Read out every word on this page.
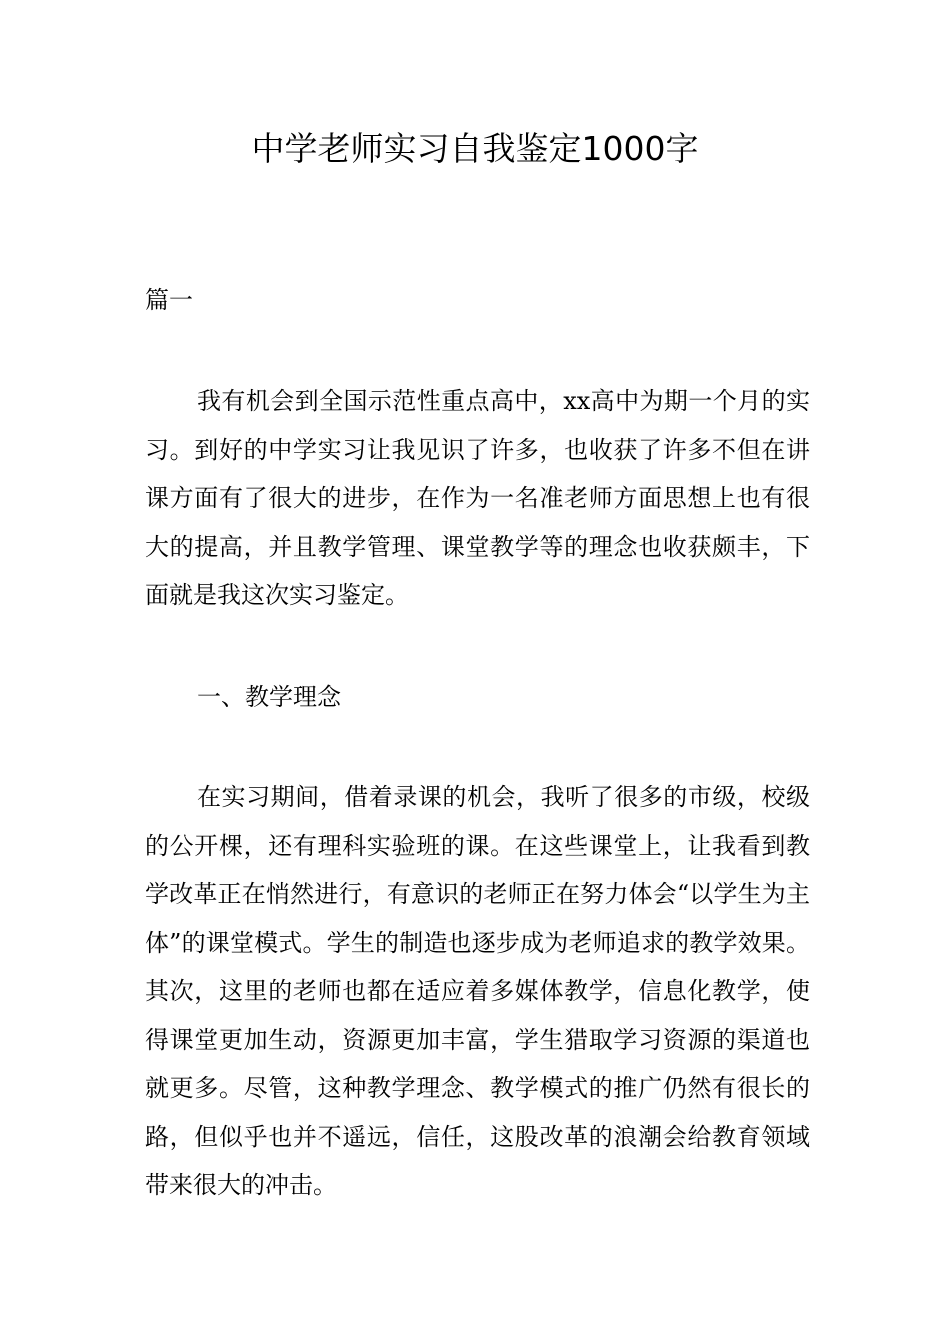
中学老师实习自我鉴定1000字

篇一

我有机会到全国示范性重点高中，xx高中为期一个月的实习。到好的中学实习让我见识了许多，也收获了许多不但在讲课方面有了很大的进步，在作为一名准老师方面思想上也有很大的提高，并且教学管理、课堂教学等的理念也收获颇丰，下面就是我这次实习鉴定。

一、教学理念

在实习期间，借着录课的机会，我听了很多的市级，校级的公开棵，还有理科实验班的课。在这些课堂上，让我看到教学改革正在悄然进行，有意识的老师正在努力体会“以学生为主体”的课堂模式。学生的制造也逐步成为老师追求的教学效果。其次，这里的老师也都在适应着多媒体教学，信息化教学，使得课堂更加生动，资源更加丰富，学生猎取学习资源的渠道也就更多。尽管，这种教学理念、教学模式的推广仍然有很长的路，但似乎也并不遥远，信任，这股改革的浪潮会给教育领域带来很大的冲击。
